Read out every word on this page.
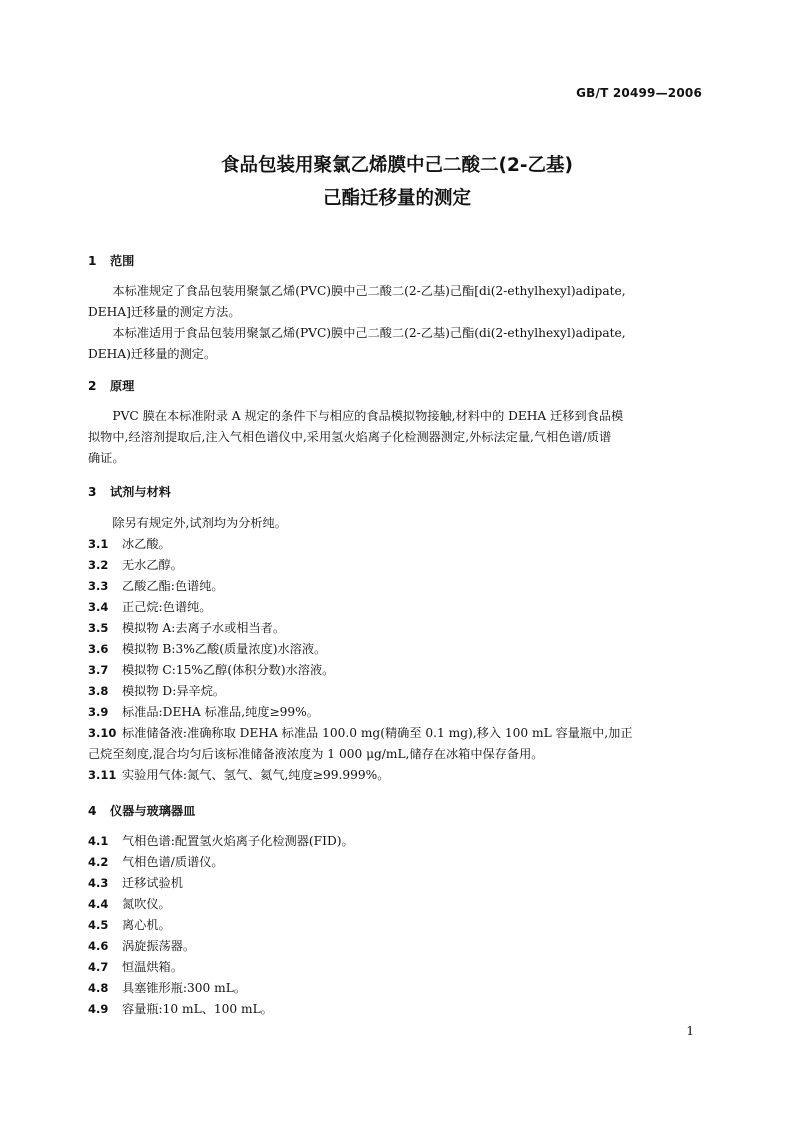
GB/T 20499—2006
食品包装用聚氯乙烯膜中己二酸二(2-乙基)
己酯迁移量的测定
1 范围
本标准规定了食品包装用聚氯乙烯(PVC)膜中己二酸二(2-乙基)己酯[di(2-ethylhexyl)adipate,
DEHA]迁移量的测定方法。
本标准适用于食品包装用聚氯乙烯(PVC)膜中己二酸二(2-乙基)己酯(di(2-ethylhexyl)adipate,
DEHA)迁移量的测定。
2 原理
PVC 膜在本标准附录 A 规定的条件下与相应的食品模拟物接触,材料中的 DEHA 迁移到食品模
拟物中,经溶剂提取后,注入气相色谱仪中,采用氢火焰离子化检测器测定,外标法定量,气相色谱/质谱
确证。
3 试剂与材料
除另有规定外,试剂均为分析纯。
3.1 冰乙酸。
3.2 无水乙醇。
3.3 乙酸乙酯:色谱纯。
3.4 正己烷:色谱纯。
3.5 模拟物 A:去离子水或相当者。
3.6 模拟物 B:3%乙酸(质量浓度)水溶液。
3.7 模拟物 C:15%乙醇(体积分数)水溶液。
3.8 模拟物 D:异辛烷。
3.9 标准品:DEHA 标准品,纯度≥99%。
3.10 标准储备液:准确称取 DEHA 标准品 100.0 mg(精确至 0.1 mg),移入 100 mL 容量瓶中,加正
己烷至刻度,混合均匀后该标准储备液浓度为 1 000 μg/mL,储存在冰箱中保存备用。
3.11 实验用气体:氮气、氢气、氦气,纯度≥99.999%。
4 仪器与玻璃器皿
4.1 气相色谱:配置氢火焰离子化检测器(FID)。
4.2 气相色谱/质谱仪。
4.3 迁移试验机
4.4 氮吹仪。
4.5 离心机。
4.6 涡旋振荡器。
4.7 恒温烘箱。
4.8 具塞锥形瓶:300 mL。
4.9 容量瓶:10 mL、100 mL。
1
